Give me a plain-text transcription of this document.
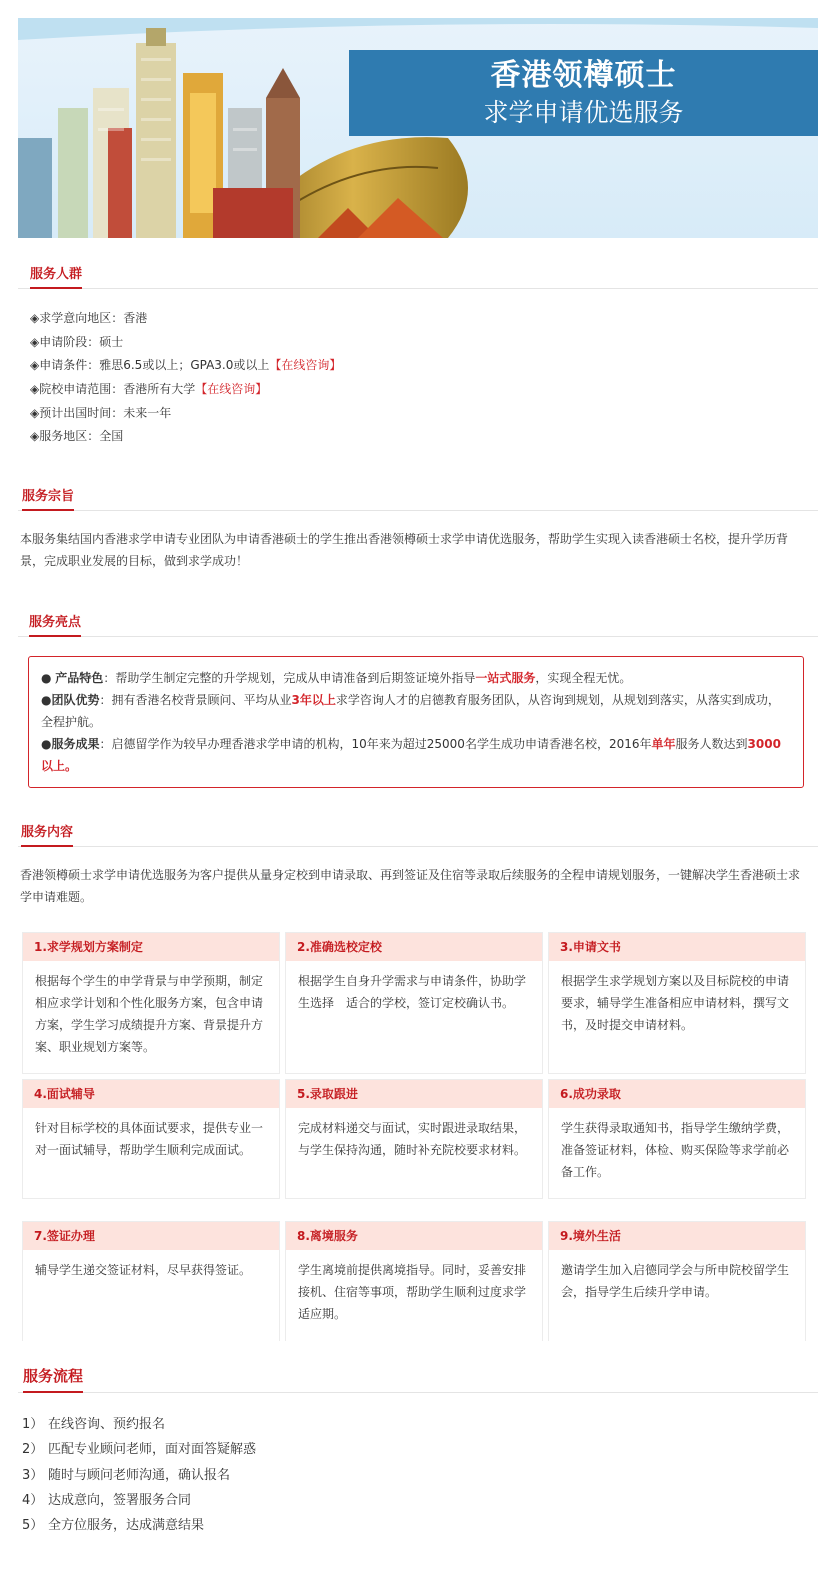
香港领樽硕士
求学申请优选服务
服务人群
◈求学意向地区：香港
◈申请阶段：硕士
◈申请条件：雅思6.5或以上；GPA3.0或以上【在线咨询】
◈院校申请范围：香港所有大学【在线咨询】
◈预计出国时间：未来一年
◈服务地区：全国
服务宗旨
本服务集结国内香港求学申请专业团队为申请香港硕士的学生推出香港领樽硕士求学申请优选服务，帮助学生实现入读香港硕士名校，提升学历背景，完成职业发展的目标，做到求学成功！
服务亮点

● 产品特色：帮助学生制定完整的升学规划，完成从申请准备到后期签证境外指导一站式服务，实现全程无忧。

●团队优势：拥有香港名校背景顾问、平均从业3年以上求学咨询人才的启德教育服务团队，从咨询到规划，从规划到落实，从落实到成功，全程护航。

●服务成果：启德留学作为较早办理香港求学申请的机构，10年来为超过25000名学生成功申请香港名校，2016年单年服务人数达到3000以上。

服务内容
香港领樽硕士求学申请优选服务为客户提供从量身定校到申请录取、再到签证及住宿等录取后续服务的全程申请规划服务，一键解决学生香港硕士求学申请难题。
1.求学规划方案制定
根据每个学生的申学背景与申学预期，制定相应求学计划和个性化服务方案，包含申请方案，学生学习成绩提升方案、背景提升方案、职业规划方案等。
2.准确选校定校
根据学生自身升学需求与申请条件，协助学生选择　适合的学校，签订定校确认书。
3.申请文书
根据学生求学规划方案以及目标院校的申请要求，辅导学生准备相应申请材料，撰写文书，及时提交申请材料。
4.面试辅导
针对目标学校的具体面试要求，提供专业一对一面试辅导，帮助学生顺利完成面试。
5.录取跟进
完成材料递交与面试，实时跟进录取结果，与学生保持沟通，随时补充院校要求材料。
6.成功录取
学生获得录取通知书，指导学生缴纳学费，准备签证材料，体检、购买保险等求学前必备工作。
7.签证办理
辅导学生递交签证材料，尽早获得签证。
8.离境服务
学生离境前提供离境指导。同时，妥善安排接机、住宿等事项，帮助学生顺利过度求学适应期。
9.境外生活
邀请学生加入启德同学会与所申院校留学生会，指导学生后续升学申请。
服务流程
1） 在线咨询、预约报名
2） 匹配专业顾问老师，面对面答疑解惑
3） 随时与顾问老师沟通，确认报名
4） 达成意向，签署服务合同
5） 全方位服务，达成满意结果
